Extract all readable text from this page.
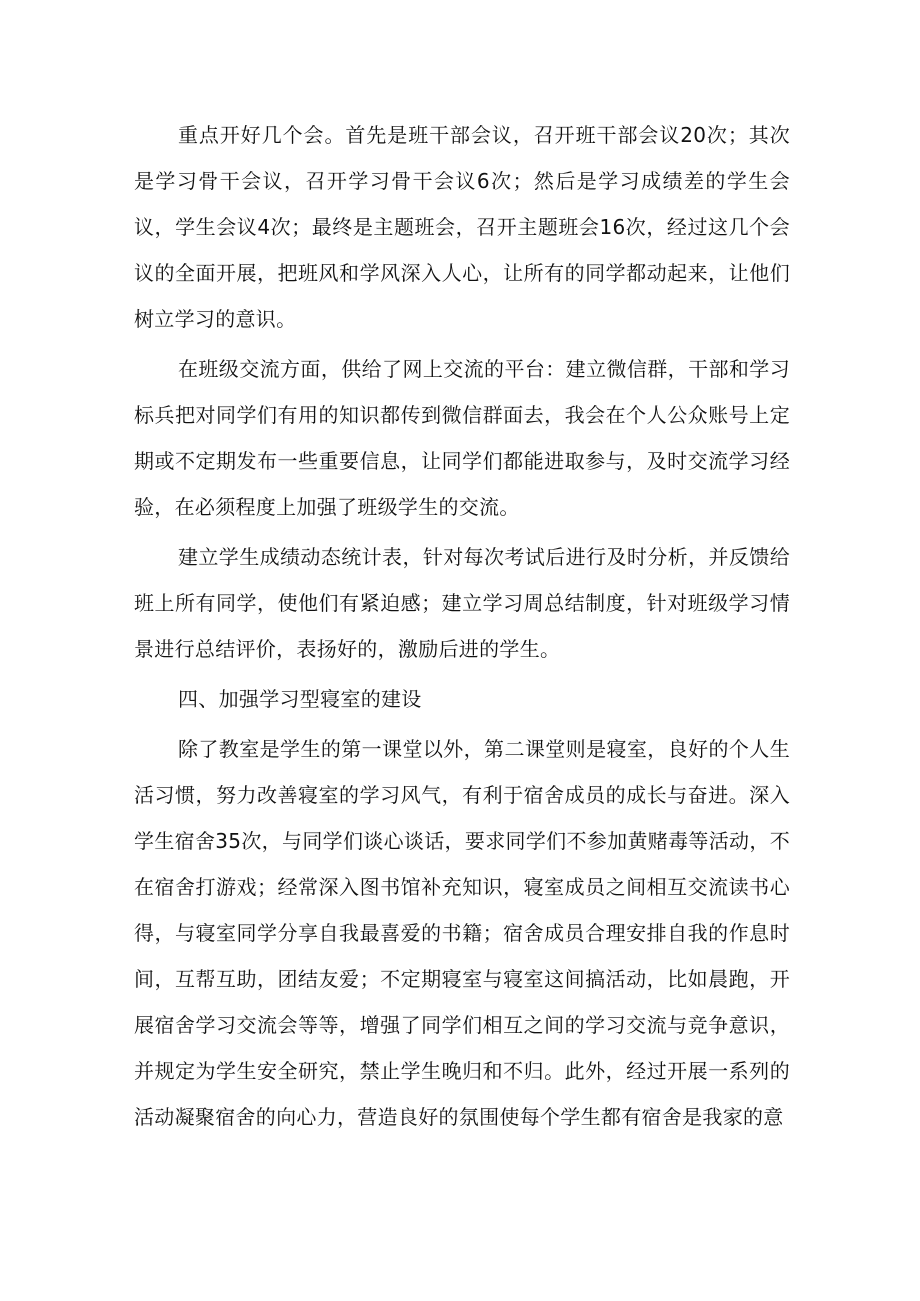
重点开好几个会。首先是班干部会议，召开班干部会议20次；其次是学习骨干会议，召开学习骨干会议6次；然后是学习成绩差的学生会议，学生会议4次；最终是主题班会，召开主题班会16次，经过这几个会议的全面开展，把班风和学风深入人心，让所有的同学都动起来，让他们树立学习的意识。

在班级交流方面，供给了网上交流的平台：建立微信群，干部和学习标兵把对同学们有用的知识都传到微信群面去，我会在个人公众账号上定期或不定期发布一些重要信息，让同学们都能进取参与，及时交流学习经验，在必须程度上加强了班级学生的交流。

建立学生成绩动态统计表，针对每次考试后进行及时分析，并反馈给班上所有同学，使他们有紧迫感；建立学习周总结制度，针对班级学习情景进行总结评价，表扬好的，激励后进的学生。

四、加强学习型寝室的建设

除了教室是学生的第一课堂以外，第二课堂则是寝室，良好的个人生活习惯，努力改善寝室的学习风气，有利于宿舍成员的成长与奋进。深入学生宿舍35次，与同学们谈心谈话，要求同学们不参加黄赌毒等活动，不在宿舍打游戏；经常深入图书馆补充知识，寝室成员之间相互交流读书心得，与寝室同学分享自我最喜爱的书籍；宿舍成员合理安排自我的作息时间，互帮互助，团结友爱；不定期寝室与寝室这间搞活动，比如晨跑，开展宿舍学习交流会等等，增强了同学们相互之间的学习交流与竞争意识，并规定为学生安全研究，禁止学生晚归和不归。此外，经过开展一系列的活动凝聚宿舍的向心力，营造良好的氛围使每个学生都有宿舍是我家的意
